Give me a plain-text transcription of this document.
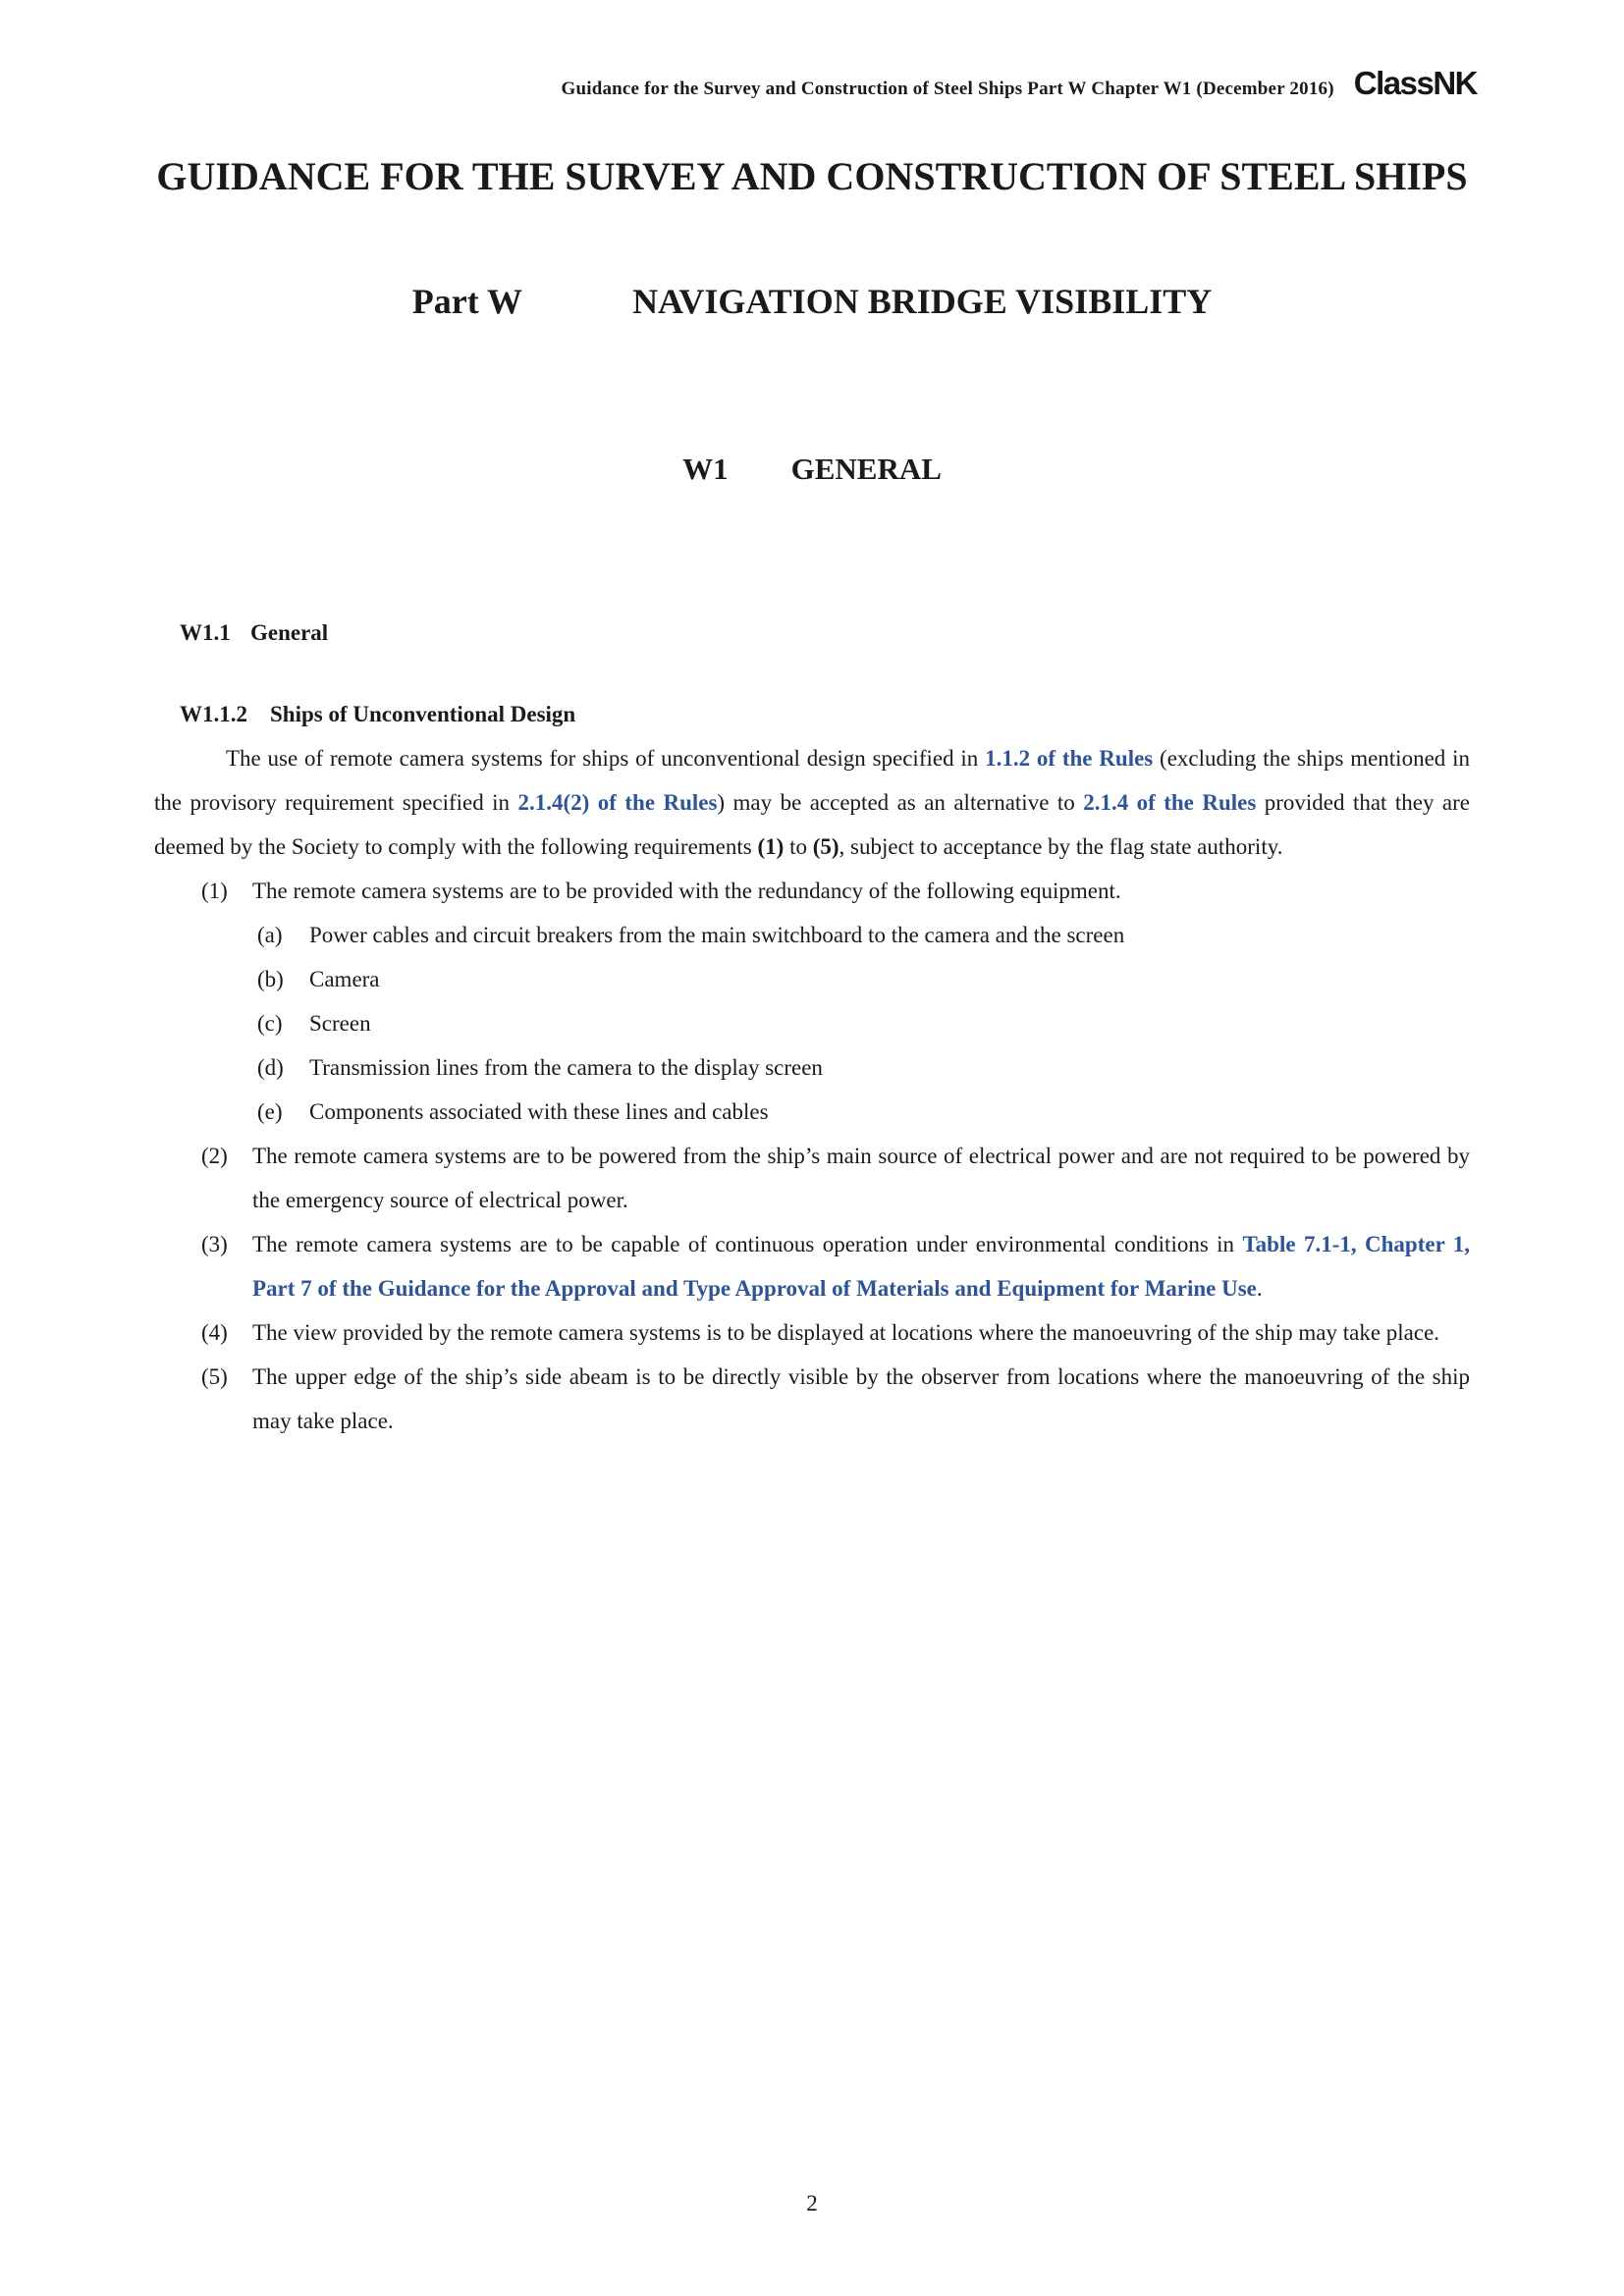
Guidance for the Survey and Construction of Steel Ships Part W Chapter W1 (December 2016) ClassNK
GUIDANCE FOR THE SURVEY AND CONSTRUCTION OF STEEL SHIPS
Part W	NAVIGATION BRIDGE VISIBILITY
W1 GENERAL
W1.1 General
W1.1.2	Ships of Unconventional Design

The use of remote camera systems for ships of unconventional design specified in 1.1.2 of the Rules (excluding the ships mentioned in the provisory requirement specified in 2.1.4(2) of the Rules) may be accepted as an alternative to 2.1.4 of the Rules provided that they are deemed by the Society to comply with the following requirements (1) to (5), subject to acceptance by the flag state authority.

(1)	The remote camera systems are to be provided with the redundancy of the following equipment.
(a)	Power cables and circuit breakers from the main switchboard to the camera and the screen
(b)	Camera
(c)	Screen
(d)	Transmission lines from the camera to the display screen
(e)	Components associated with these lines and cables
(2)	The remote camera systems are to be powered from the ship’s main source of electrical power and are not required to be powered by the emergency source of electrical power.
(3)	The remote camera systems are to be capable of continuous operation under environmental conditions in Table 7.1-1, Chapter 1, Part 7 of the Guidance for the Approval and Type Approval of Materials and Equipment for Marine Use.
(4)	The view provided by the remote camera systems is to be displayed at locations where the manoeuvring of the ship may take place.
(5)	The upper edge of the ship’s side abeam is to be directly visible by the observer from locations where the manoeuvring of the ship may take place.
2
